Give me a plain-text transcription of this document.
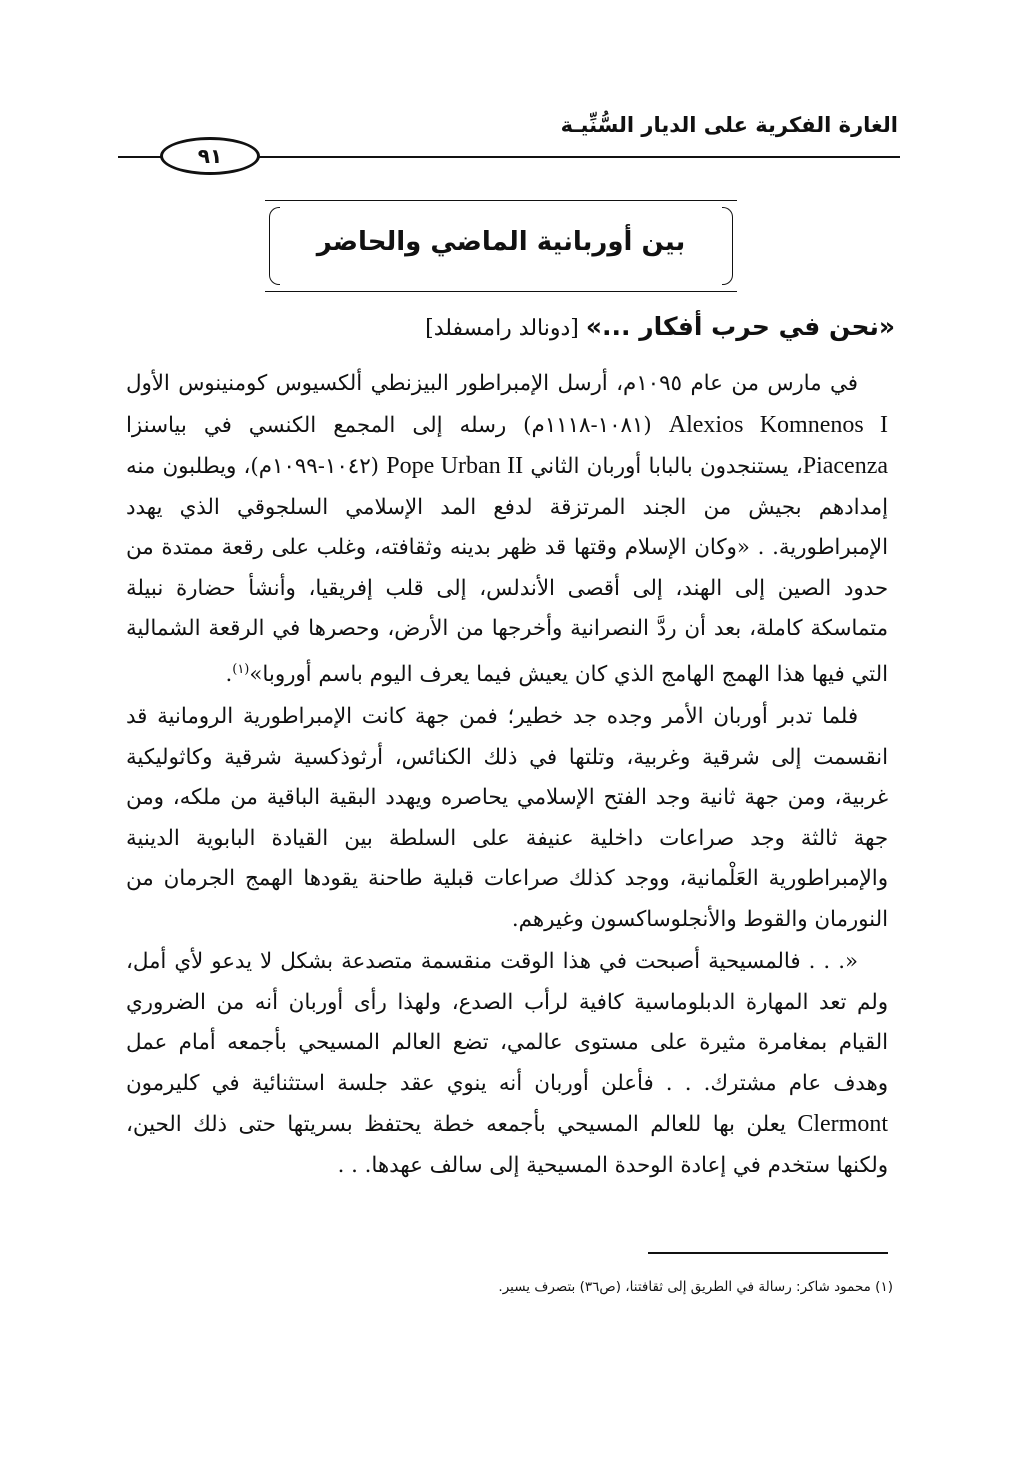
الغارة الفكرية على الديار السُّنِّيـة
٩١
بين أوربانية الماضي والحاضر
«نحن في حرب أفكار ...» [دونالد رامسفلد]

في مارس من عام ١٠٩٥م، أرسل الإمبراطور البيزنطي ألكسيوس كومنينوس الأول Alexios Komnenos I (١٠٨١-١١١٨م) رسله إلى المجمع الكنسي في بياسنزا Piacenza، يستنجدون بالبابا أوربان الثاني Pope Urban II (١٠٤٢-١٠٩٩م)، ويطلبون منه إمدادهم بجيش من الجند المرتزقة لدفع المد الإسلامي السلجوقي الذي يهدد الإمبراطورية. . «وكان الإسلام وقتها قد ظهر بدينه وثقافته، وغلب على رقعة ممتدة من حدود الصين إلى الهند، إلى أقصى الأندلس، إلى قلب إفريقيا، وأنشأ حضارة نبيلة متماسكة كاملة، بعد أن ردَّ النصرانية وأخرجها من الأرض، وحصرها في الرقعة الشمالية التي فيها هذا الهمج الهامج الذي كان يعيش فيما يعرف اليوم باسم أوروبا»$^{(١)}$.

فلما تدبر أوربان الأمر وجده جد خطير؛ فمن جهة كانت الإمبراطورية الرومانية قد انقسمت إلى شرقية وغربية، وتلتها في ذلك الكنائس، أرثوذكسية شرقية وكاثوليكية غربية، ومن جهة ثانية وجد الفتح الإسلامي يحاصره ويهدد البقية الباقية من ملكه، ومن جهة ثالثة وجد صراعات داخلية عنيفة على السلطة بين القيادة البابوية الدينية والإمبراطورية العَلْمانية، ووجد كذلك صراعات قبلية طاحنة يقودها الهمج الجرمان من النورمان والقوط والأنجلوساكسون وغيرهم.

«. . . فالمسيحية أصبحت في هذا الوقت منقسمة متصدعة بشكل لا يدعو لأي أمل، ولم تعد المهارة الدبلوماسية كافية لرأب الصدع، ولهذا رأى أوربان أنه من الضروري القيام بمغامرة مثيرة على مستوى عالمي، تضع العالم المسيحي بأجمعه أمام عمل وهدف عام مشترك. . . فأعلن أوربان أنه ينوي عقد جلسة استثنائية في كليرمون Clermont يعلن بها للعالم المسيحي بأجمعه خطة يحتفظ بسريتها حتى ذلك الحين، ولكنها ستخدم في إعادة الوحدة المسيحية إلى سالف عهدها. . .

(١) محمود شاكر: رسالة في الطريق إلى ثقافتنا، (ص٣٦) بتصرف يسير.
